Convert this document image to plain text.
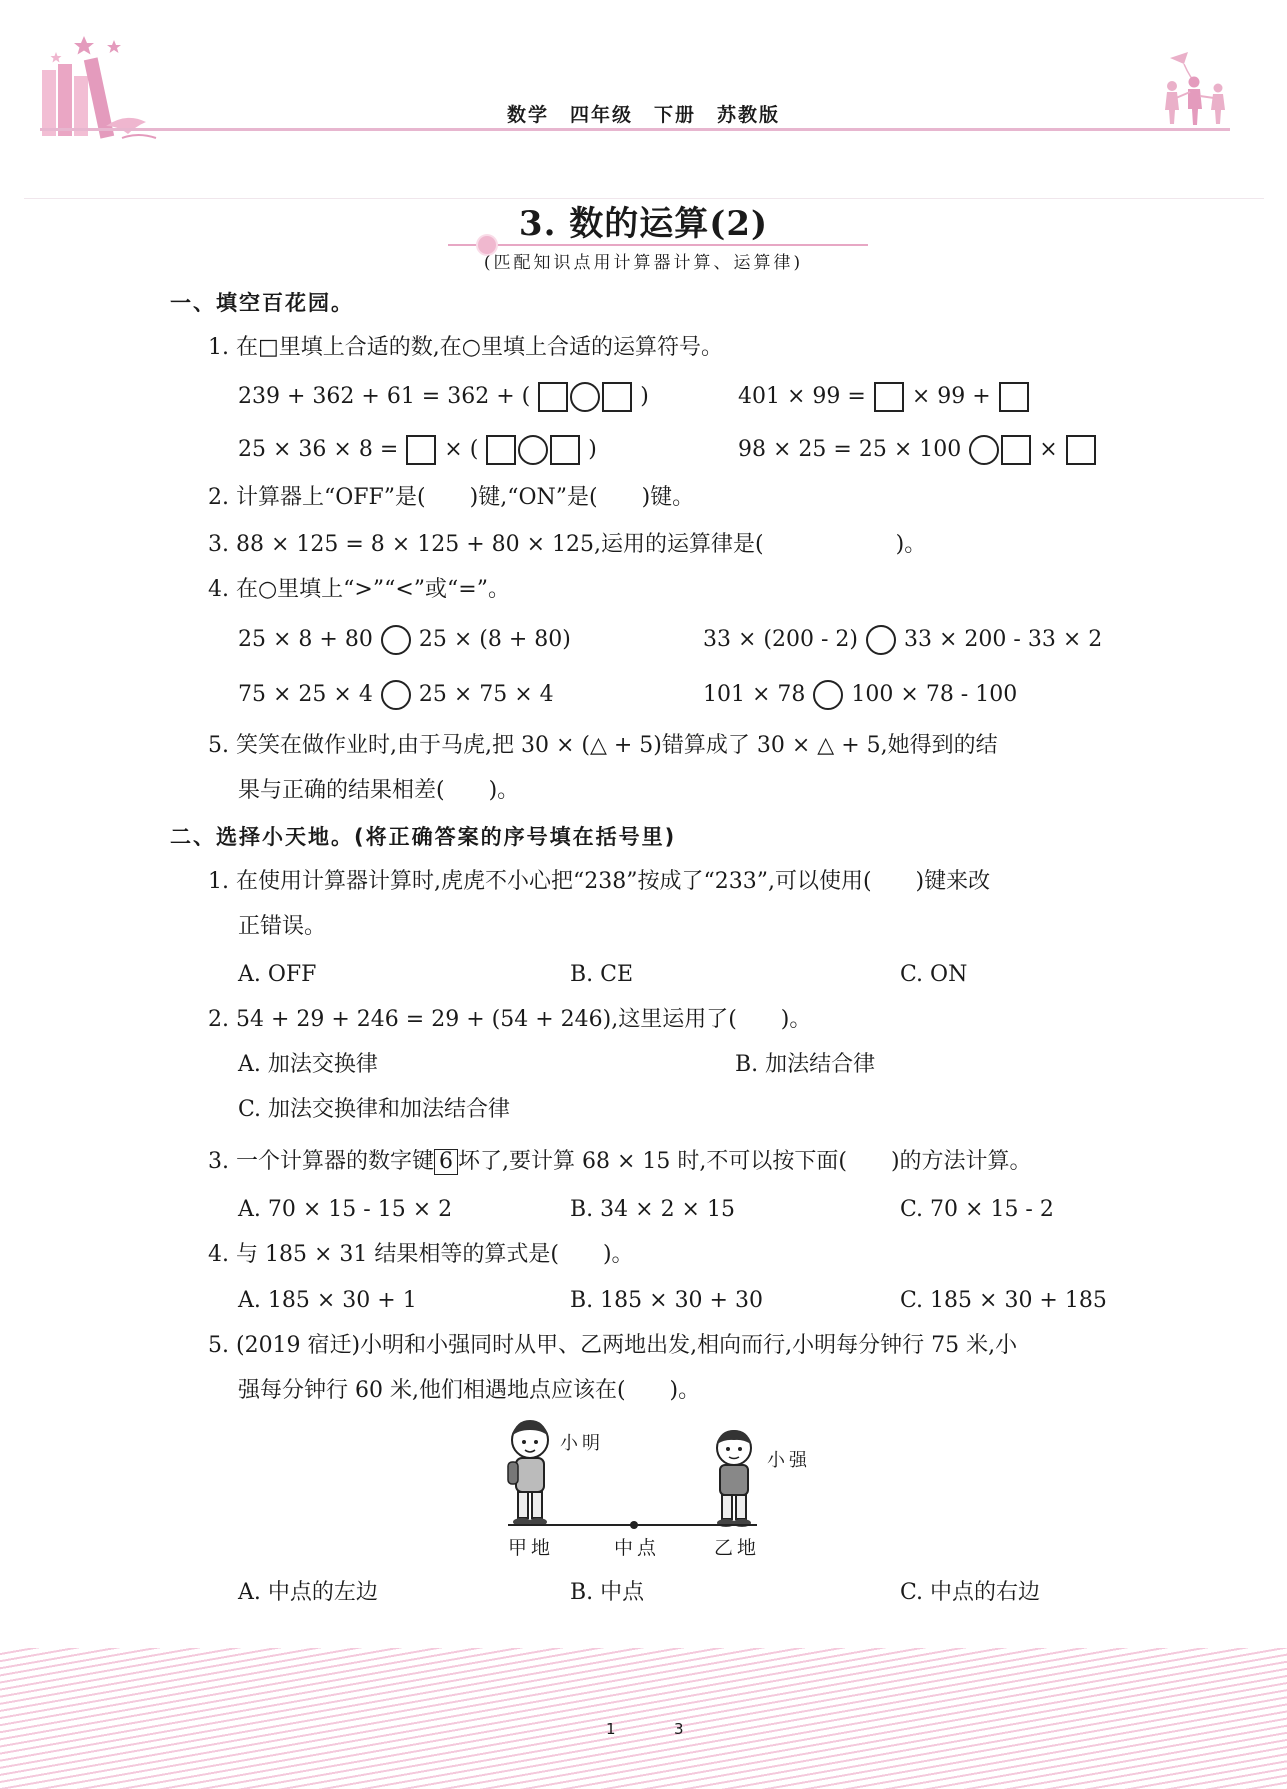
数学　四年级　下册　苏教版
3. 数的运算(2)
(匹配知识点用计算器计算、运算律)
一、填空百花园。
1. 在□里填上合适的数,在○里填上合适的运算符号。
239 + 362 + 61 = 362 + (	)	401 × 99 = × 99 +
25 × 36 × 8 = × (	)	98 × 25 = 25 × 100	×
2. 计算器上“OFF”是(　　)键,“ON”是(　　)键。
3. 88 × 125 = 8 × 125 + 80 × 125,运用的运算律是(　　　　　　)。
4. 在○里填上“>”“<”或“=”。
25 × 8 + 80 25 × (8 + 80)	33 × (200 - 2) 33 × 200 - 33 × 2
75 × 25 × 4 25 × 75 × 4	101 × 78 100 × 78 - 100
5. 笑笑在做作业时,由于马虎,把 30 × (△ + 5)错算成了 30 × △ + 5,她得到的结
果与正确的结果相差(　　)。
二、选择小天地。(将正确答案的序号填在括号里)
1. 在使用计算器计算时,虎虎不小心把“238”按成了“233”,可以使用(　　)键来改
正错误。
A. OFF	B. CE	C. ON
2. 54 + 29 + 246 = 29 + (54 + 246),这里运用了(　　)。
A. 加法交换律	B. 加法结合律
C. 加法交换律和加法结合律
3. 一个计算器的数字键 6 坏了,要计算 68 × 15 时,不可以按下面(　　)的方法计算。
A. 70 × 15 - 15 × 2	B. 34 × 2 × 15	C. 70 × 15 - 2
4. 与 185 × 31 结果相等的算式是(　　)。
A. 185 × 30 + 1	B. 185 × 30 + 30	C. 185 × 30 + 185
5. (2019 宿迁)小明和小强同时从甲、乙两地出发,相向而行,小明每分钟行 75 米,小
强每分钟行 60 米,他们相遇地点应该在(　　)。
小明
小强
甲地	中点	乙地
A. 中点的左边	B. 中点	C. 中点的右边
1	3
